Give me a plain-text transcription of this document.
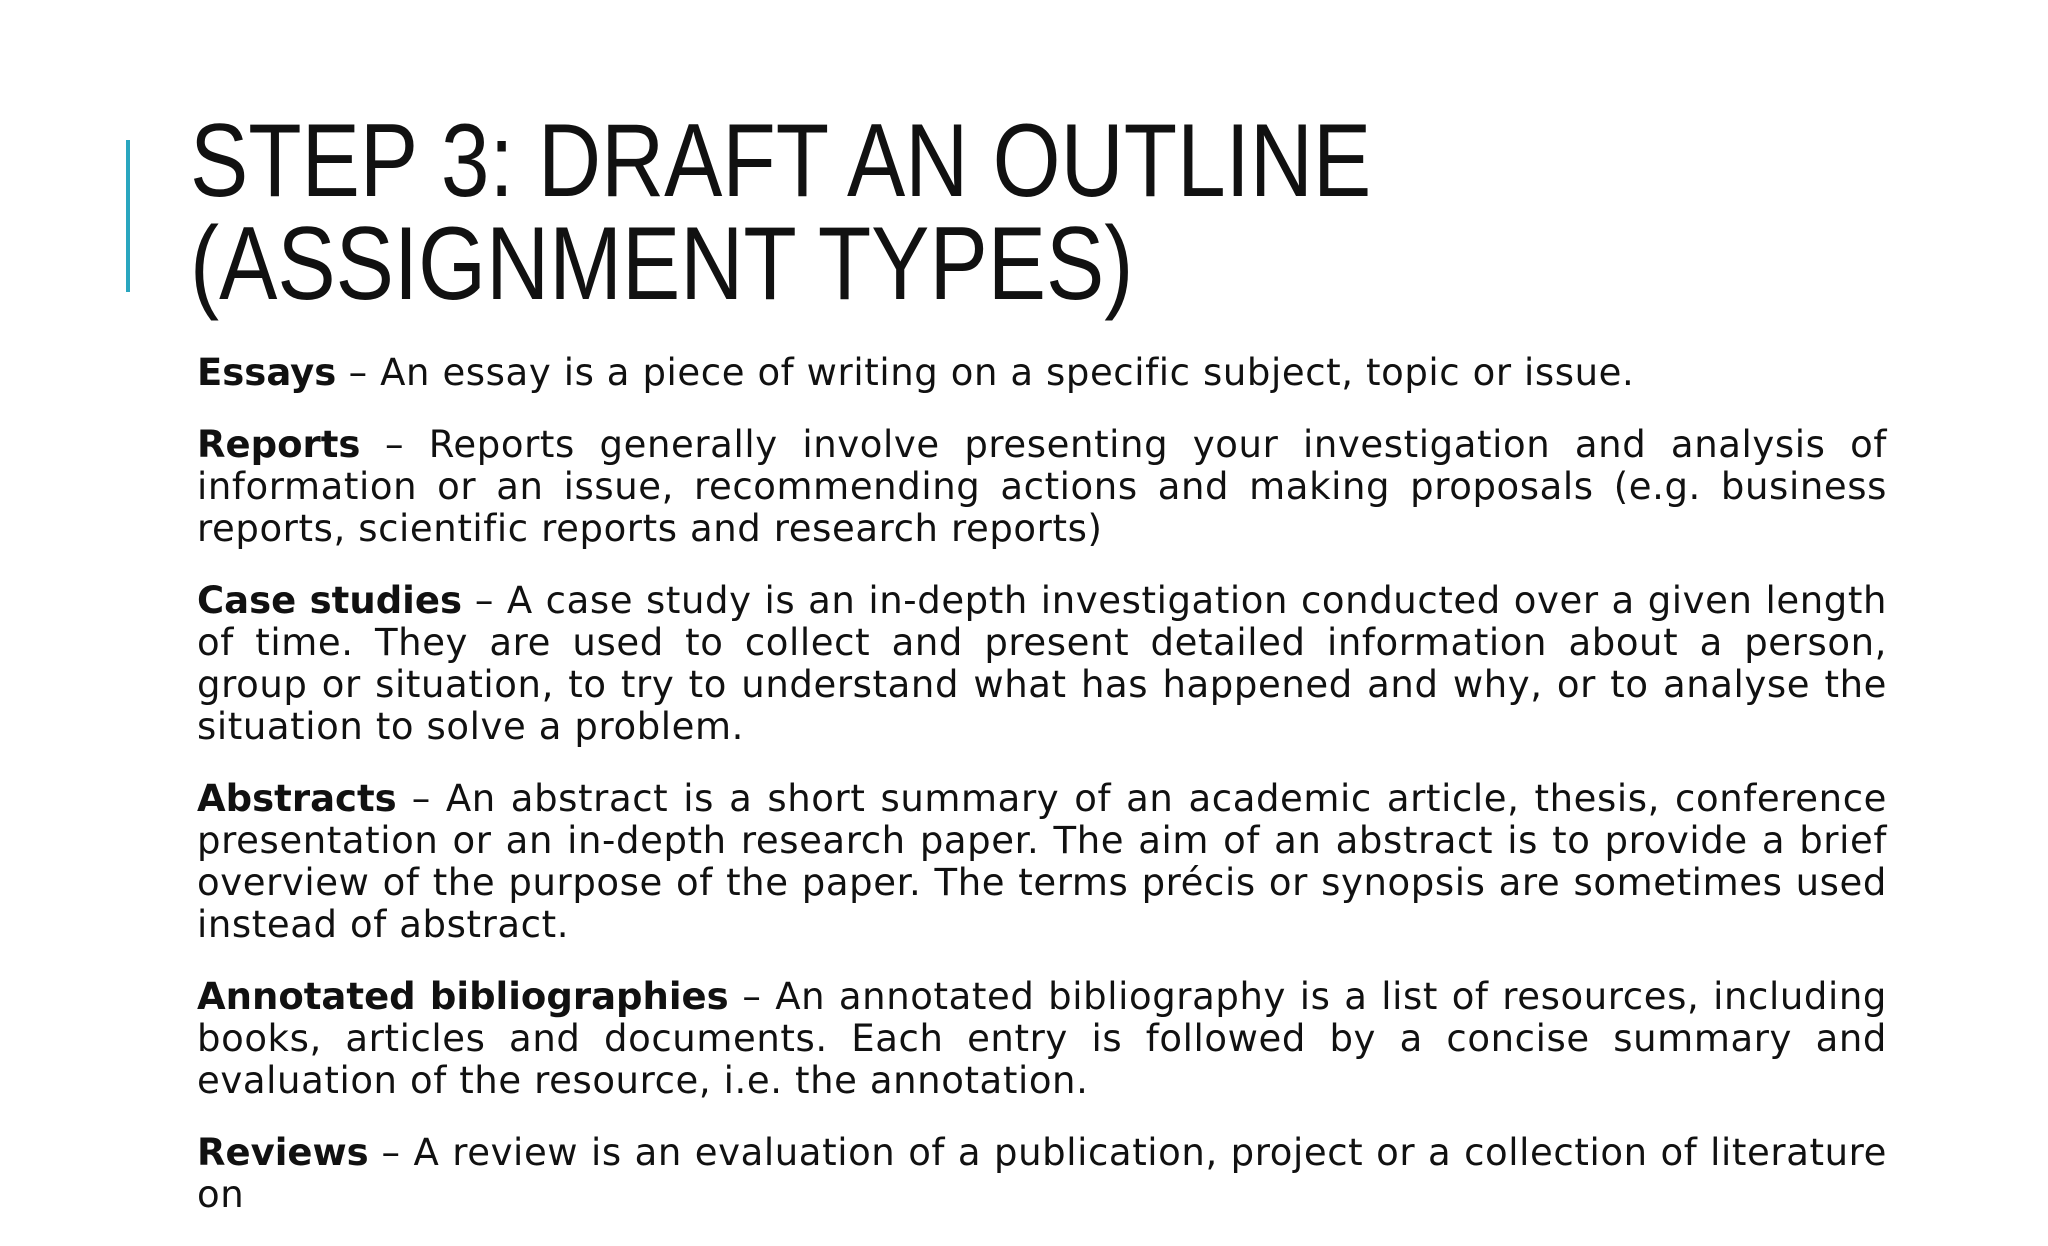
STEP 3: DRAFT AN OUTLINE
(ASSIGNMENT TYPES)

Essays – An essay is a piece of writing on a specific subject, topic or issue.

Reports – Reports generally involve presenting your investigation and analysis of information or an issue, recommending actions and making proposals (e.g. business reports, scientific reports and research reports)

Case studies – A case study is an in-depth investigation conducted over a given length of time. They are used to collect and present detailed information about a person, group or situation, to try to understand what has happened and why, or to analyse the situation to solve a problem.

Abstracts – An abstract is a short summary of an academic article, thesis, conference presentation or an in-depth research paper. The aim of an abstract is to provide a brief overview of the purpose of the paper. The terms précis or synopsis are sometimes used instead of abstract.

Annotated bibliographies – An annotated bibliography is a list of resources, including books, articles and documents. Each entry is followed by a concise summary and evaluation of the resource, i.e. the annotation.

Reviews – A review is an evaluation of a publication, project or a collection of literature on
